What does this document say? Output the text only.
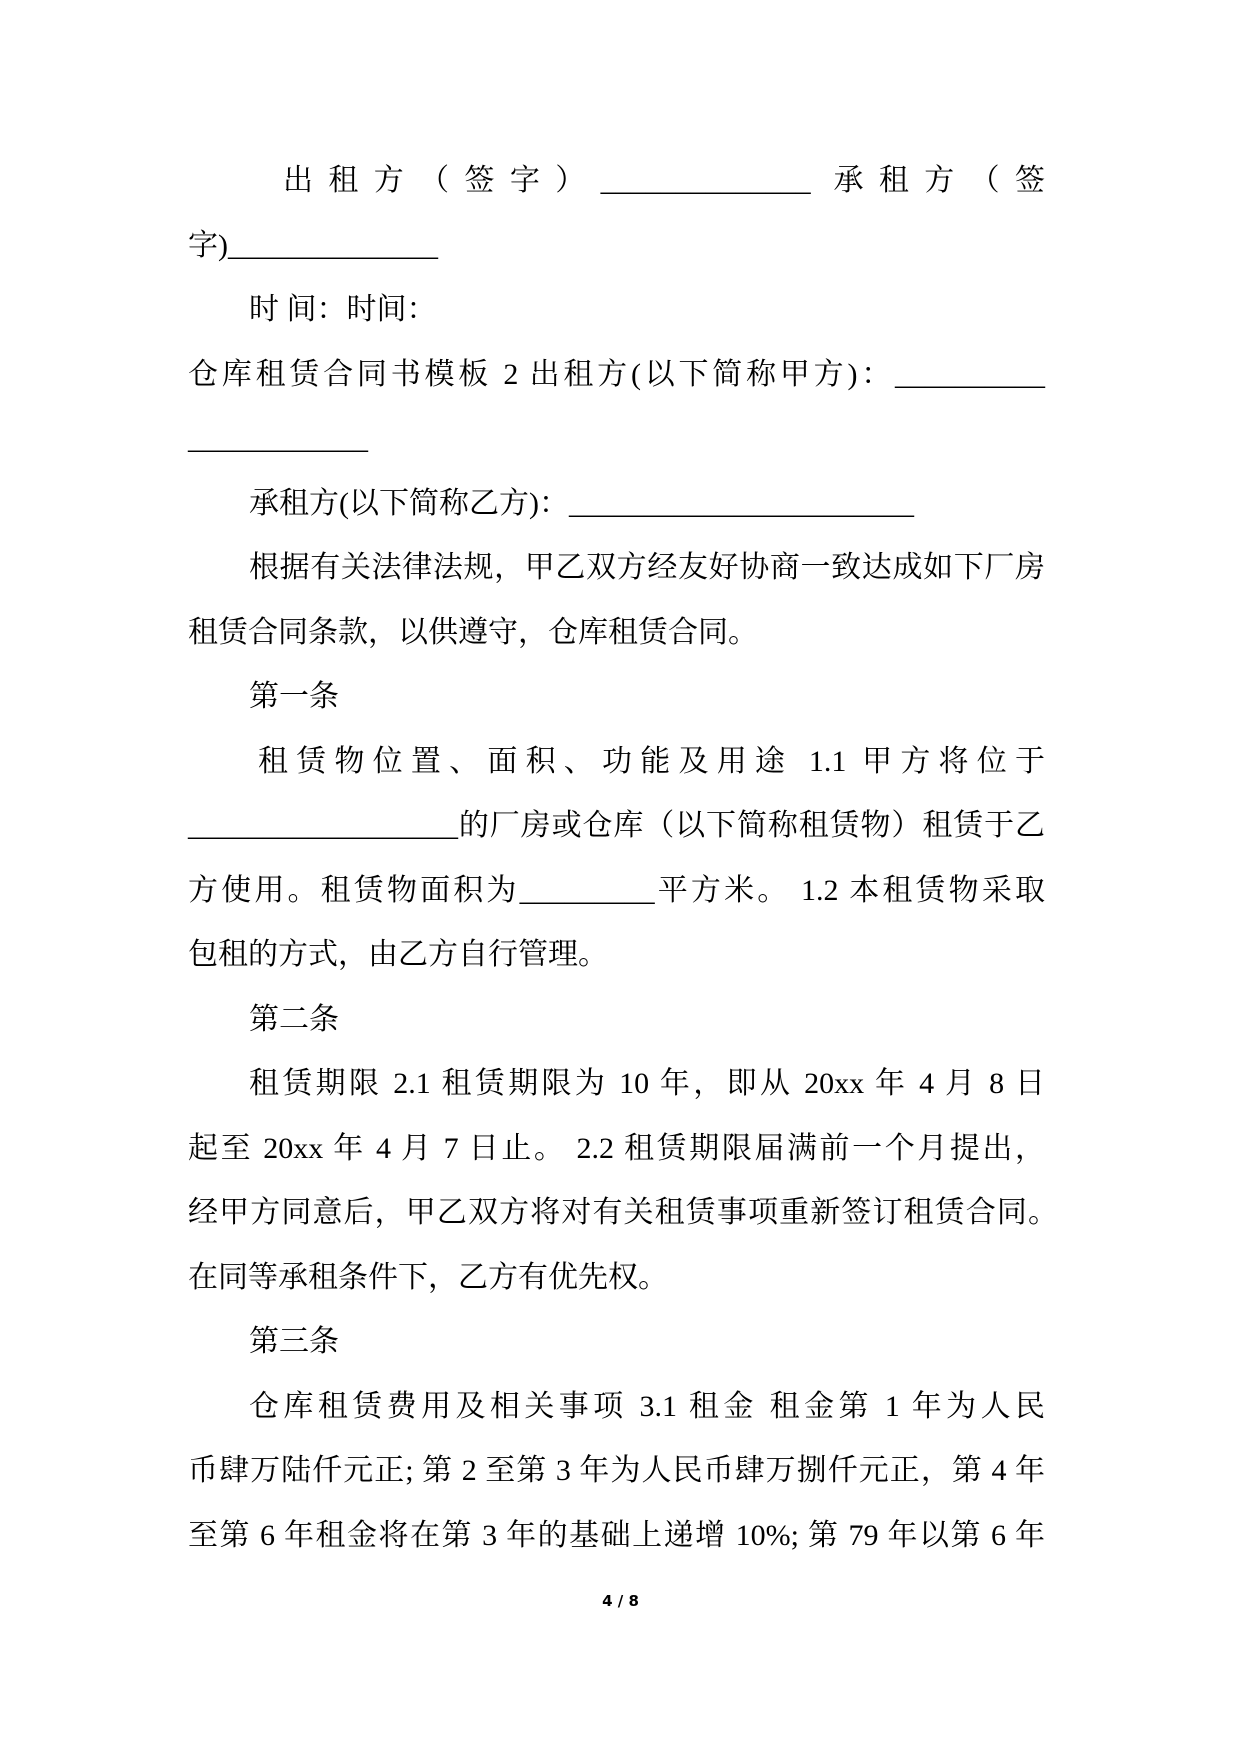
出租方（签字）______________ 承租方（签
字)______________
时 间：时间：
仓库租赁合同书模板 2 出租方(以下简称甲方)：__________
____________
承租方(以下简称乙方)：_______________________
根据有关法律法规，甲乙双方经友好协商一致达成如下厂房
租赁合同条款，以供遵守，仓库租赁合同。
第一条
租赁物位置、面积、功能及用途 1.1 甲方将位于
__________________的厂房或仓库（以下简称租赁物）租赁于乙
方使用。租赁物面积为_________平方米。 1.2 本租赁物采取
包租的方式，由乙方自行管理。
第二条
租赁期限 2.1 租赁期限为 10 年，即从 20xx 年 4 月 8 日
起至 20xx 年 4 月 7 日止。 2.2 租赁期限届满前一个月提出，
经甲方同意后，甲乙双方将对有关租赁事项重新签订租赁合同。
在同等承租条件下，乙方有优先权。
第三条
仓库租赁费用及相关事项 3.1 租金 租金第 1 年为人民
币肆万陆仟元正; 第 2 至第 3 年为人民币肆万捌仟元正，第 4 年
至第 6 年租金将在第 3 年的基础上递增 10%; 第 79 年以第 6 年
4 / 8
